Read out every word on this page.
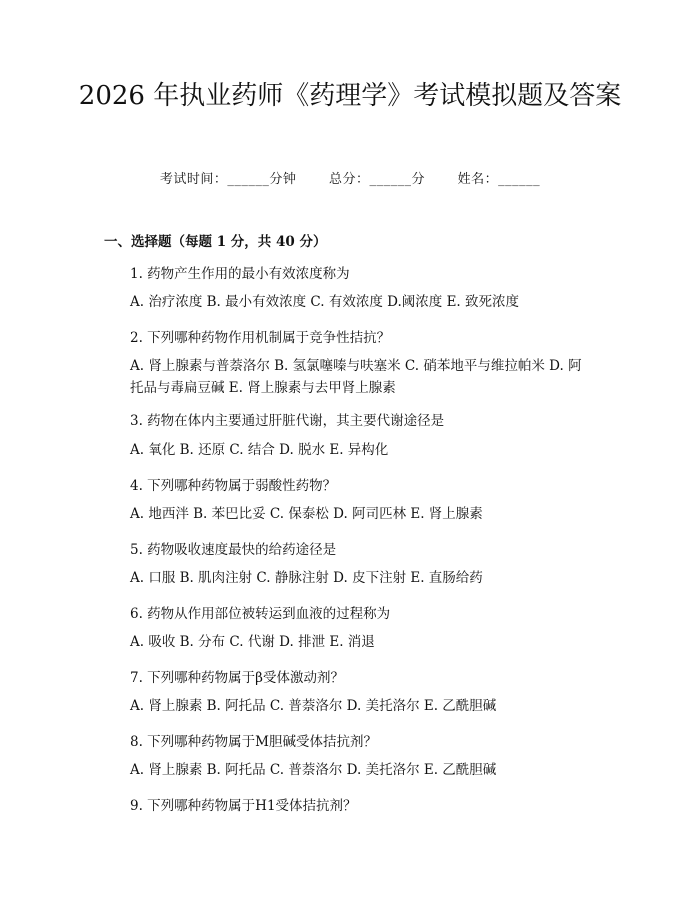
2026 年执业药师《药理学》考试模拟题及答案
考试时间：______分钟	总分：______分	姓名：______
一、选择题（每题 1 分，共 40 分）
1. 药物产生作用的最小有效浓度称为
A. 治疗浓度 B. 最小有效浓度 C. 有效浓度 D.阈浓度 E. 致死浓度
2. 下列哪种药物作用机制属于竞争性拮抗？
A. 肾上腺素与普萘洛尔 B. 氢氯噻嗪与呋塞米 C. 硝苯地平与维拉帕米 D. 阿托品与毒扁豆碱 E. 肾上腺素与去甲肾上腺素
3. 药物在体内主要通过肝脏代谢，其主要代谢途径是
A. 氧化 B. 还原 C. 结合 D. 脱水 E. 异构化
4. 下列哪种药物属于弱酸性药物？
A. 地西泮 B. 苯巴比妥 C. 保泰松 D. 阿司匹林 E. 肾上腺素
5. 药物吸收速度最快的给药途径是
A. 口服 B. 肌肉注射 C. 静脉注射 D. 皮下注射 E. 直肠给药
6. 药物从作用部位被转运到血液的过程称为
A. 吸收 B. 分布 C. 代谢 D. 排泄 E. 消退
7. 下列哪种药物属于β受体激动剂？
A. 肾上腺素 B. 阿托品 C. 普萘洛尔 D. 美托洛尔 E. 乙酰胆碱
8. 下列哪种药物属于M胆碱受体拮抗剂？
A. 肾上腺素 B. 阿托品 C. 普萘洛尔 D. 美托洛尔 E. 乙酰胆碱
9. 下列哪种药物属于H1受体拮抗剂？
